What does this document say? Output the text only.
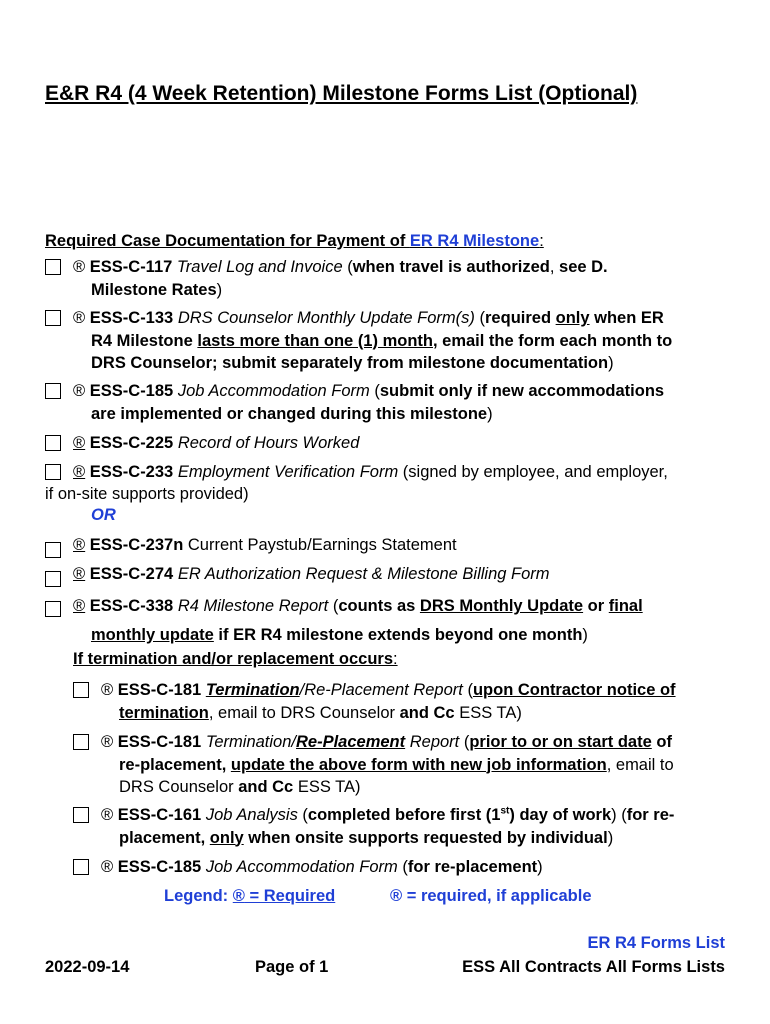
E&R R4 (4 Week Retention) Milestone Forms List (Optional)
Required Case Documentation for Payment of ER R4 Milestone:
® ESS-C-117 Travel Log and Invoice (when travel is authorized, see D.
Milestone Rates)
® ESS-C-133 DRS Counselor Monthly Update Form(s) (required only when ER
R4 Milestone lasts more than one (1) month, email the form each month to
DRS Counselor; submit separately from milestone documentation)
® ESS-C-185 Job Accommodation Form (submit only if new accommodations
are implemented or changed during this milestone)
® ESS-C-225 Record of Hours Worked
® ESS-C-233 Employment Verification Form (signed by employee, and employer,
if on-site supports provided)
OR
® ESS-C-237n Current Paystub/Earnings Statement
® ESS-C-274 ER Authorization Request & Milestone Billing Form
® ESS-C-338 R4 Milestone Report (counts as DRS Monthly Update or final
monthly update if ER R4 milestone extends beyond one month)
If termination and/or replacement occurs:
® ESS-C-181 Termination/Re-Placement Report (upon Contractor notice of
termination, email to DRS Counselor and Cc ESS TA)
® ESS-C-181 Termination/Re-Placement Report (prior to or on start date of
re-placement, update the above form with new job information, email to
DRS Counselor and Cc ESS TA)
® ESS-C-161 Job Analysis (completed before first (1st) day of work) (for re-
placement, only when onsite supports requested by individual)
® ESS-C-185 Job Accommodation Form (for re-placement)
Legend: ® = Required	® = required, if applicable
2022-09-14	Page of 1
ER R4 Forms List
ESS All Contracts All Forms Lists
